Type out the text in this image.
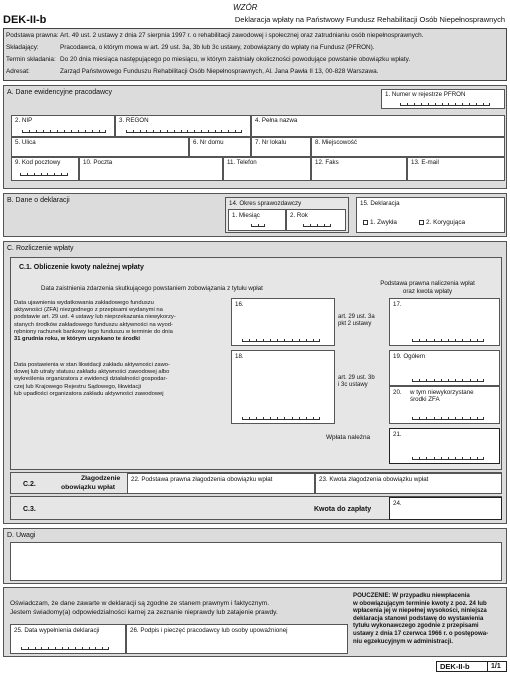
WZÓR
DEK-II-b	Deklaracja wpłaty na Państwowy Fundusz Rehabilitacji Osób Niepełnosprawnych
Podstawa prawna:Art. 49 ust. 2 ustawy z dnia 27 sierpnia 1997 r. o rehabilitacji zawodowej i społecznej oraz zatrudnianiu osób niepełnosprawnych.
Składający:	Pracodawca, o którym mowa w art. 29 ust. 3a, 3b lub 3c ustawy, zobowiązany do wpłaty na Fundusz (PFRON).
Termin składania: Do 20 dnia miesiąca następującego po miesiącu, w którym zaistniały okoliczności powodujące powstanie obowiązku wpłaty.
Adresat:	Zarząd Państwowego Funduszu Rehabilitacji Osób Niepełnosprawnych, Al. Jana Pawła II 13, 00-828 Warszawa.
A. Dane ewidencyjne pracodawcy	1. Numer w rejestrze PFRON
2. NIP	3. REGON	4. Pełna nazwa
5. Ulica	6. Nr domu	7. Nr lokalu	8. Miejscowość
9. Kod pocztowy	10. Poczta	11. Telefon	12. Faks	13. E-mail
B. Dane o deklaracji	14. Okres sprawozdawczy
1. Miesiąc	2. Rok
15. Deklaracja
1. Zwykła	2. Korygująca
C. Rozliczenie wpłaty
C.1. Obliczenie kwoty należnej wpłaty
Data zaistnienia zdarzenia skutkującego powstaniem zobowiązania z tytułu wpłat
Podstawa prawna naliczenia wpłat
oraz kwota wpłaty
Data ujawnienia wydatkowania zakładowego funduszu
aktywności (ZFA) niezgodnego z przepisami wydanymi na
podstawie art. 29 ust. 4 ustawy lub nieprzekazania niewykorzy-
stanych środków zakładowego funduszu aktywności na wyod-
rębniony rachunek bankowy tego funduszu w terminie do dnia
31 grudnia roku, w którym uzyskano te środki
16.
art. 29 ust. 3a
pkt 2 ustawy
17.
Data postawienia w stan likwidacji zakładu aktywności zawo-
dowej lub utraty statusu zakładu aktywności zawodowej albo
wykreślenia organizatora z ewidencji działalności gospodar-
czej lub Krajowego Rejestru Sądowego, likwidacji
lub upadłości organizatora zakładu aktywności zawodowej
18.
art. 29 ust. 3b
i 3c ustawy
19. Ogółem
20. w tym niewykorzystane
środki ZFA
Wpłata należna	21.
C.2.
Złagodzenie
obowiązku wpłat
22. Podstawa prawna złagodzenia obowiązku wpłat	23. Kwota złagodzenia obowiązku wpłat
C.3.	Kwota do zapłaty
24.
D. Uwagi
Oświadczam, że dane zawarte w deklaracji są zgodne ze stanem prawnym i faktycznym.
Jestem świadomy(a) odpowiedzialności karnej za zeznanie nieprawdy lub zatajenie prawdy.
25. Data wypełnienia deklaracji	26. Podpis i pieczęć pracodawcy lub osoby upoważnionej
POUCZENIE: W przypadku niewpłacenia
w obowiązującym terminie kwoty z poz. 24 lub
wpłacenia jej w niepełnej wysokości, niniejsza
deklaracja stanowi podstawę do wystawienia
tytułu wykonawczego zgodnie z przepisami
ustawy z dnia 17 czerwca 1966 r. o postępowa-
niu egzekucyjnym w administracji.
DEK-II-b	1/1
